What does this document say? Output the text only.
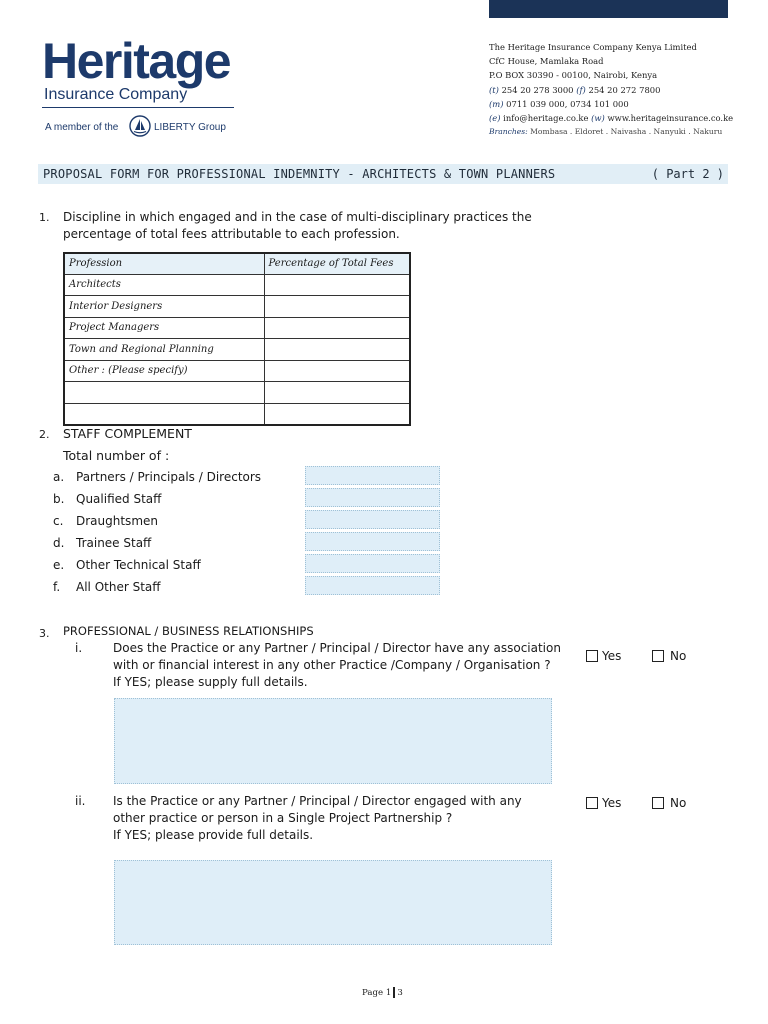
Heritage
Insurance Company
A member of the	LIBERTY Group
The Heritage Insurance Company Kenya Limited
CfC House, Mamlaka Road
P.O BOX 30390 - 00100, Nairobi, Kenya
(t) 254 20 278 3000 (f) 254 20 272 7800
(m) 0711 039 000, 0734 101 000
(e) info@heritage.co.ke (w) www.heritageinsurance.co.ke
Branches: Mombasa . Eldoret . Naivasha . Nanyuki . Nakuru
PROPOSAL FORM FOR PROFESSIONAL INDEMNITY - ARCHITECTS & TOWN PLANNERS	( Part 2 )
1. Discipline in which engaged and in the case of multi-disciplinary practices the
percentage of total fees attributable to each profession.
Profession	Percentage of Total Fees
Architects	
Interior Designers	
Project Managers	
Town and Regional Planning	
Other : (Please specify)	

2. STAFF COMPLEMENT
Total number of :
a. Partners / Principals / Directors
b. Qualified Staff
c. Draughtsmen
d. Trainee Staff
e. Other Technical Staff
f. All Other Staff
3. PROFESSIONAL / BUSINESS RELATIONSHIPS
i.	Does the Practice or any Partner / Principal / Director have any association
with or financial interest in any other Practice /Company / Organisation ?
If YES; please supply full details.
Yes	No
ii. Is the Practice or any Partner / Principal / Director engaged with any
other practice or person in a Single Project Partnership ?
If YES; please provide full details.
Yes	No
Page 1 3
